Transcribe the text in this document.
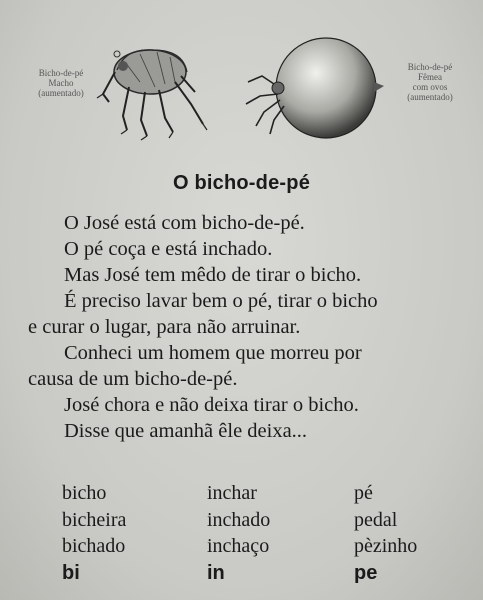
Bicho-de-pé
Macho
(aumentado)
Bicho-de-pé
Fêmea
com ovos
(aumentado)
O bicho-de-pé
O José está com bicho-de-pé.
O pé coça e está inchado.
Mas José tem mêdo de tirar o bicho.
É preciso lavar bem o pé, tirar o bicho
e curar o lugar, para não arruinar.
Conheci um homem que morreu por
causa de um bicho-de-pé.
José chora e não deixa tirar o bicho.
Disse que amanhã êle deixa...
bicho
bicheira
bichado
bi
inchar
inchado
inchaço
in
pé
pedal
pèzinho
pe
